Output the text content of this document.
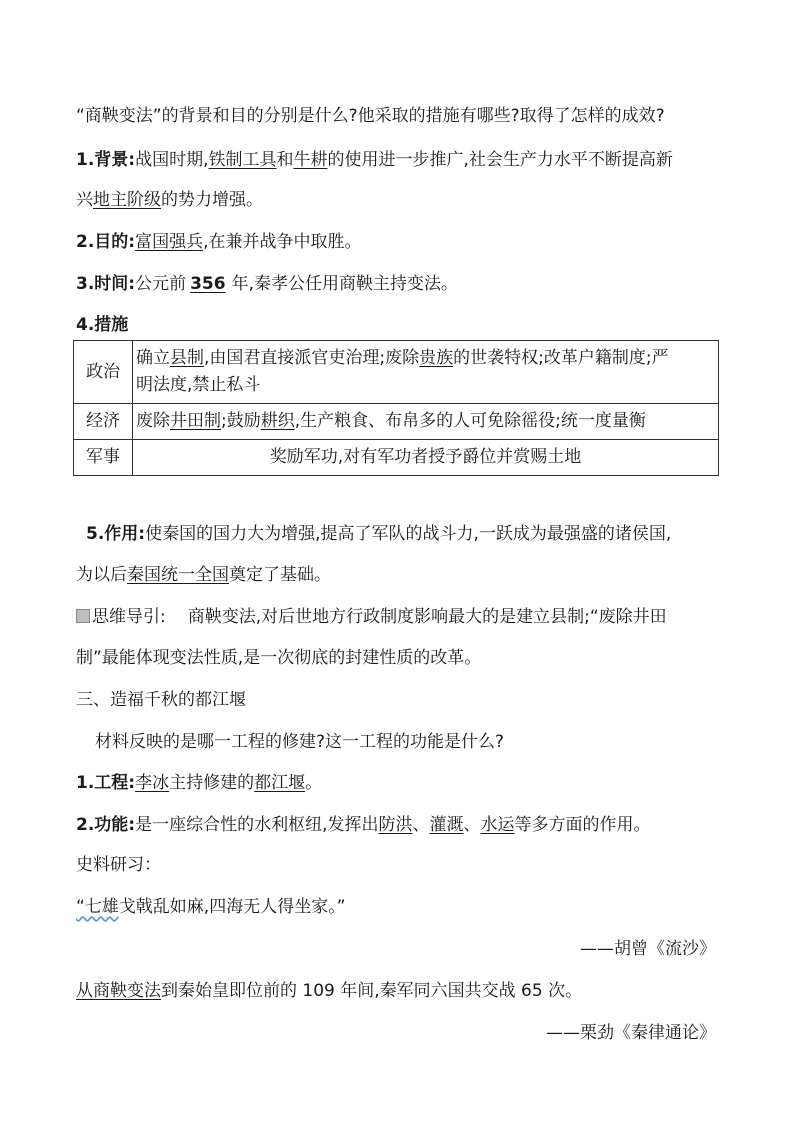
“商鞅变法”的背景和目的分别是什么?他采取的措施有哪些?取得了怎样的成效?
1.背景:战国时期,铁制工具和牛耕的使用进一步推广,社会生产力水平不断提高新
兴地主阶级的势力增强。
2.目的:富国强兵,在兼并战争中取胜。
3.时间:公元前 356 年,秦孝公任用商鞅主持变法。
4.措施
政治	确立县制,由国君直接派官吏治理;废除贵族的世袭特权;改革户籍制度;严
明法度,禁止私斗
经济	废除井田制;鼓励耕织,生产粮食、布帛多的人可免除徭役;统一度量衡
军事	奖励军功,对有军功者授予爵位并赏赐土地
5.作用:使秦国的国力大为增强,提高了军队的战斗力,一跃成为最强盛的诸侯国,
为以后秦国统一全国奠定了基础。
思维导引: 商鞅变法,对后世地方行政制度影响最大的是建立县制;“废除井田
制”最能体现变法性质,是一次彻底的封建性质的改革。
三、造福千秋的都江堰
材料反映的是哪一工程的修建?这一工程的功能是什么?
1.工程:李冰主持修建的都江堰。
2.功能:是一座综合性的水利枢纽,发挥出防洪、灌溉、水运等多方面的作用。
史料研习：
“七雄戈戟乱如麻,四海无人得坐家。”
——胡曾《流沙》
从商鞅变法到秦始皇即位前的 109 年间,秦军同六国共交战 65 次。
——栗劲《秦律通论》
